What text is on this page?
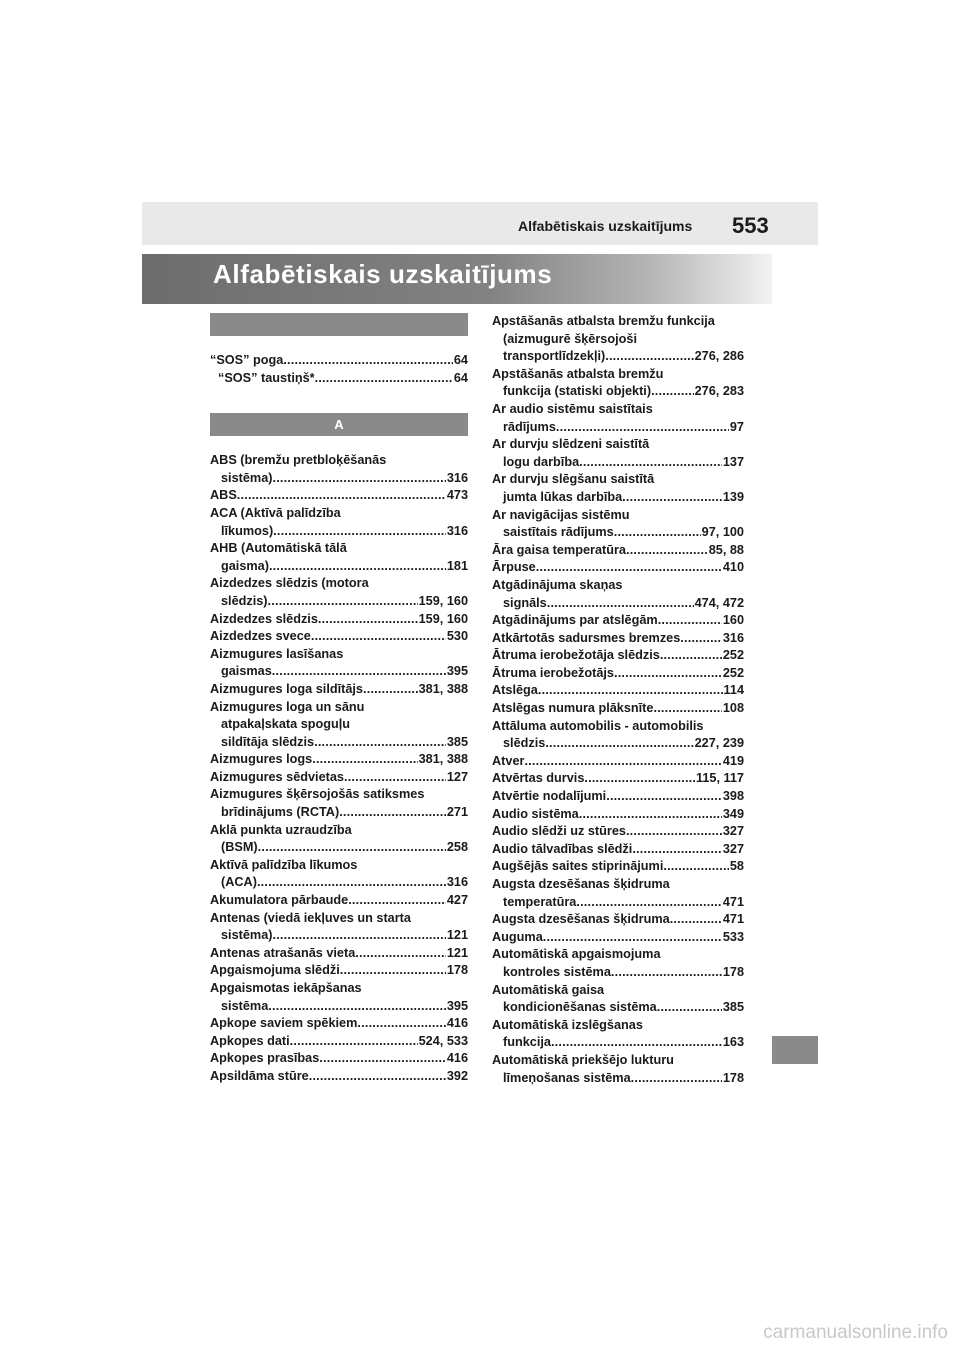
Alfabētiskais uzskaitījums 553
Alfabētiskais uzskaitījums
“SOS” poga .....	64
“SOS” taustiņš* .....	64
A
ABS (bremžu pretbloķēšanās
sistēma) .....	316
ABS .....	473
ACA (Aktīvā palīdzība
līkumos) .....	316
AHB (Automātiskā tālā
gaisma) .....	181
Aizdedzes slēdzis (motora
slēdzis) .....	159, 160
Aizdedzes slēdzis .....	159, 160
Aizdedzes svece .....	530
Aizmugures lasīšanas
gaismas .....	395
Aizmugures loga sildītājs .....	381, 388
Aizmugures loga un sānu
atpakaļskata spoguļu
sildītāja slēdzis .....	385
Aizmugures logs .....	381, 388
Aizmugures sēdvietas .....	127
Aizmugures šķērsojošās satiksmes
brīdinājums (RCTA) .....	271
Aklā punkta uzraudzība
(BSM) .....	258
Aktīvā palīdzība līkumos
(ACA) .....	316
Akumulatora pārbaude .....	427
Antenas (viedā iekļuves un starta
sistēma) .....	121
Antenas atrašanās vieta .....	121
Apgaismojuma slēdži .....	178
Apgaismotas iekāpšanas
sistēma .....	395
Apkope saviem spēkiem .....	416
Apkopes dati .....	524, 533
Apkopes prasības .....	416
Apsildāma stūre .....	392
Apstāšanās atbalsta bremžu funkcija
(aizmugurē šķērsojoši
transportlīdzekļi) .....	276, 286
Apstāšanās atbalsta bremžu
funkcija (statiski objekti) .....	276, 283
Ar audio sistēmu saistītais
rādījums .....	97
Ar durvju slēdzeni saistītā
logu darbība .....	137
Ar durvju slēgšanu saistītā
jumta lūkas darbība .....	139
Ar navigācijas sistēmu
saistītais rādījums .....	97, 100
Āra gaisa temperatūra .....	85, 88
Ārpuse .....	410
Atgādinājuma skaņas
signāls .....	474, 472
Atgādinājums par atslēgām .....	160
Atkārtotās sadursmes bremzes .....	316
Ātruma ierobežotāja slēdzis .....	252
Ātruma ierobežotājs .....	252
Atslēga .....	114
Atslēgas numura plāksnīte .....	108
Attāluma automobilis - automobilis
slēdzis .....	227, 239
Atver .....	419
Atvērtas durvis .....	115, 117
Atvērtie nodalījumi .....	398
Audio sistēma .....	349
Audio slēdži uz stūres .....	327
Audio tālvadības slēdži .....	327
Augšējās saites stiprinājumi .....	58
Augsta dzesēšanas šķidruma
temperatūra .....	471
Augsta dzesēšanas šķidruma .....	471
Auguma .....	533
Automātiskā apgaismojuma
kontroles sistēma .....	178
Automātiskā gaisa
kondicionēšanas sistēma .....	385
Automātiskā izslēgšanas
funkcija .....	163
Automātiskā priekšējo lukturu
līmeņošanas sistēma .....	178
carmanualsonline.info
